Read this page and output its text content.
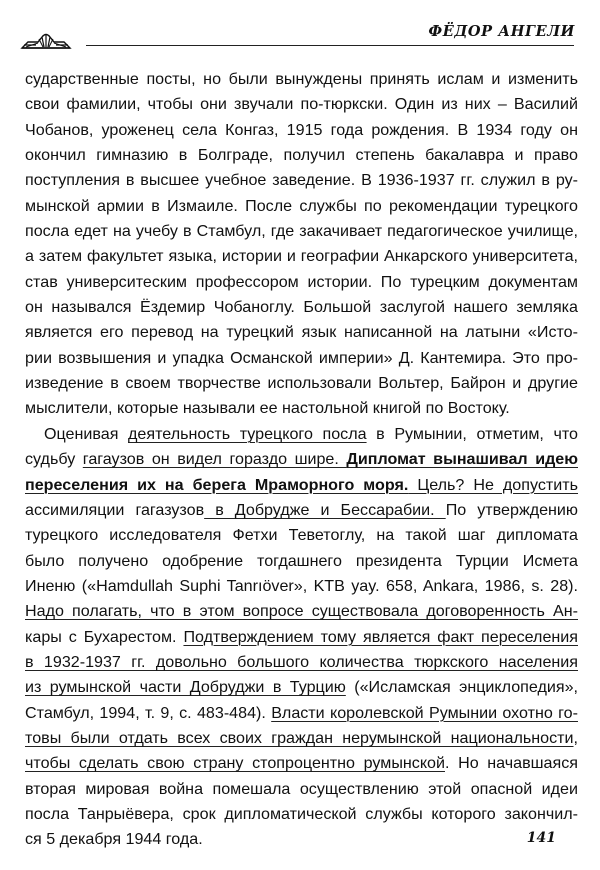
ФЁДОР АНГЕЛИ
сударственные посты, но были вынуждены принять ислам и изменить
свои фамилии, чтобы они звучали по-тюркски. Один из них – Василий
Чобанов, уроженец села Конгаз, 1915 года рождения. В 1934 году он
окончил гимназию в Болграде, получил степень бакалавра и право
поступления в высшее учебное заведение. В 1936-1937 гг. служил в ру-
мынской армии в Измаиле. После службы по рекомендации турецкого
посла едет на учебу в Стамбул, где закачивает педагогическое училище,
а затем факультет языка, истории и географии Анкарского университета,
став университеским профессором истории. По турецким документам
он назывался Ёздемир Чобаноглу. Большой заслугой нашего земляка
является его перевод на турецкий язык написанной на латыни «Исто-
рии возвышения и упадка Османской империи» Д. Кантемира. Это про-
изведение в своем творчестве использовали Вольтер, Байрон и другие
мыслители, которые называли ее настольной книгой по Востоку.
Оценивая деятельность турецкого посла в Румынии, отметим, что
судьбу гагаузов он видел гораздо шире. Дипломат вынашивал идею
переселения их на берега Мраморного моря. Цель? Не допустить
ассимиляции гагазузов в Добрудже и Бессарабии. По утверждению
турецкого исследователя Фетхи Теветоглу, на такой шаг дипломата
было получено одобрение тогдашнего президента Турции Исмета
Иненю («Hamdullah Suphi Tanrıöver», KTB yay. 658, Ankara, 1986, s. 28).
Надо полагать, что в этом вопросе существовала договоренность Ан-
кары с Бухарестом. Подтверждением тому является факт переселения
в 1932-1937 гг. довольно большого количества тюркского населения
из румынской части Добруджи в Турцию («Исламская энциклопедия»,
Стамбул, 1994, т. 9, с. 483-484). Власти королевской Румынии охотно го-
товы были отдать всех своих граждан нерумынской национальности,
чтобы сделать свою страну стопроцентно румынской. Но начавшаяся
вторая мировая война помешала осуществлению этой опасной идеи
посла Танрыёвера, срок дипломатической службы которого закончил-
ся 5 декабря 1944 года.	141
